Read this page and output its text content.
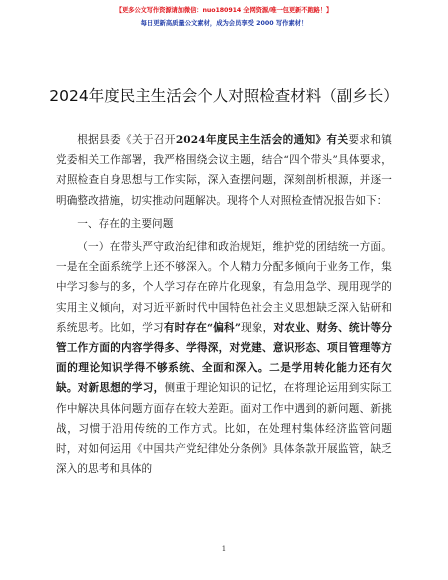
【更多公文写作资源请加微信：nuo180914 全网资源/唯一包更新不跑路！】
每日更新高质量公文素材，成为会员享受 2000 写作素材！
2024年度民主生活会个人对照检查材料（副乡长）

根据县委《关于召开2024年度民主生活会的通知》有关要求和镇党委相关工作部署，我严格围绕会议主题，结合“四个带头”具体要求，对照检查自身思想与工作实际，深入查摆问题，深刻剖析根源，并逐一明确整改措施，切实推动问题解决。现将个人对照检查情况报告如下：

一、存在的主要问题

（一）在带头严守政治纪律和政治规矩，维护党的团结统一方面。一是在全面系统学上还不够深入。个人精力分配多倾向于业务工作，集中学习参与的多，个人学习存在碎片化现象，有急用急学、现用现学的实用主义倾向，对习近平新时代中国特色社会主义思想缺乏深入钻研和系统思考。比如，学习有时存在“偏科”现象，对农业、财务、统计等分管工作方面的内容学得多、学得深，对党建、意识形态、项目管理等方面的理论知识学得不够系统、全面和深入。二是学用转化能力还有欠缺。对新思想的学习，侧重于理论知识的记忆，在将理论运用到实际工作中解决具体问题方面存在较大差距。面对工作中遇到的新问题、新挑战，习惯于沿用传统的工作方式。比如，在处理村集体经济监管问题时，对如何运用《中国共产党纪律处分条例》具体条款开展监管，缺乏深入的思考和具体的

1
